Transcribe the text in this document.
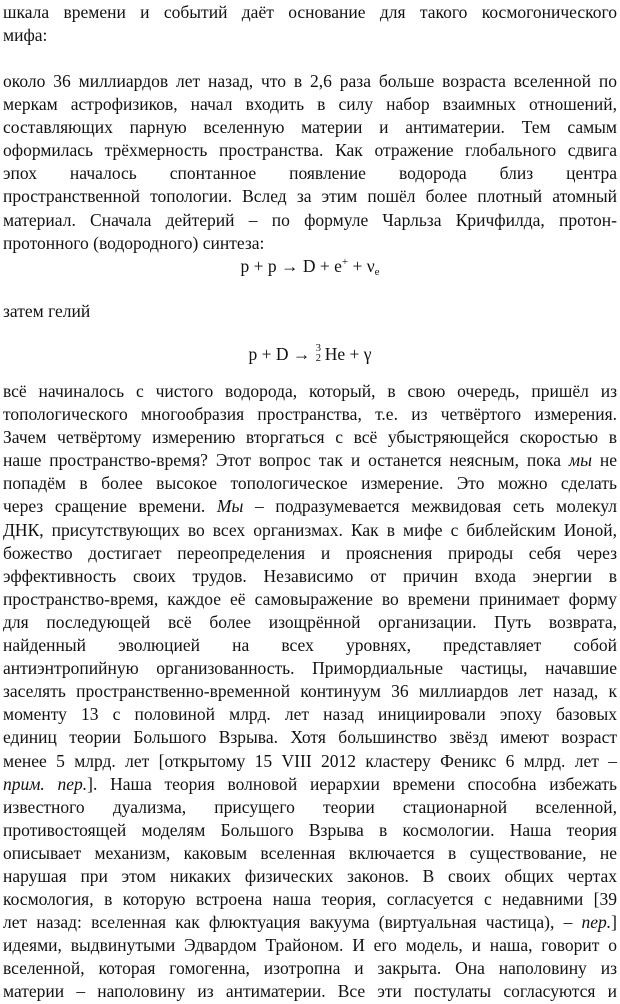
шкала времени и событий даёт основание для такого космогонического
мифа:
около 36 миллиардов лет назад, что в 2,6 раза больше возраста вселенной по
меркам астрофизиков, начал входить в силу набор взаимных отношений,
составляющих парную вселенную материи и антиматерии. Тем самым
оформилась трёхмерность пространства. Как отражение глобального сдвига
эпох началось спонтанное появление водорода близ центра
пространственной топологии. Вслед за этим пошёл более плотный атомный
материал. Сначала дейтерий – по формуле Чарльза Кричфилда, протон-
протонного (водородного) синтеза:
$p + p \to D + e^+ + \nu_e$
затем гелий
p + D → 3
2 He + γ
всё начиналось с чистого водорода, который, в свою очередь, пришёл из
топологического многообразия пространства, т.е. из четвёртого измерения.
Зачем четвёртому измерению вторгаться с всё убыстряющейся скоростью в
наше пространство-время? Этот вопрос так и останется неясным, пока мы не
попадём в более высокое топологическое измерение. Это можно сделать
через сращение времени. Мы – подразумевается межвидовая сеть молекул
ДНК, присутствующих во всех организмах. Как в мифе с библейским Ионой,
божество достигает переопределения и прояснения природы себя через
эффективность своих трудов. Независимо от причин входа энергии в
пространство-время, каждое её самовыражение во времени принимает форму
для последующей всё более изощрённой организации. Путь возврата,
найденный эволюцией на всех уровнях, представляет собой
антиэнтропийную организованность. Примордиальные частицы, начавшие
заселять пространственно-временной континуум 36 миллиардов лет назад, к
моменту 13 с половиной млрд. лет назад инициировали эпоху базовых
единиц теории Большого Взрыва. Хотя большинство звёзд имеют возраст
менее 5 млрд. лет [открытому 15 VIII 2012 кластеру Феникс 6 млрд. лет –
прим. пер.]. Наша теория волновой иерархии времени способна избежать
известного дуализма, присущего теории стационарной вселенной,
противостоящей моделям Большого Взрыва в космологии. Наша теория
описывает механизм, каковым вселенная включается в существование, не
нарушая при этом никаких физических законов. В своих общих чертах
космология, в которую встроена наша теория, согласуется с недавними [39
лет назад: вселенная как флюктуация вакуума (виртуальная частица), – пер.]
идеями, выдвинутыми Эдвардом Трайоном. И его модель, и наша, говорит о
вселенной, которая гомогенна, изотропна и закрыта. Она наполовину из
материи – наполовину из антиматерии. Все эти постулаты согласуются и
